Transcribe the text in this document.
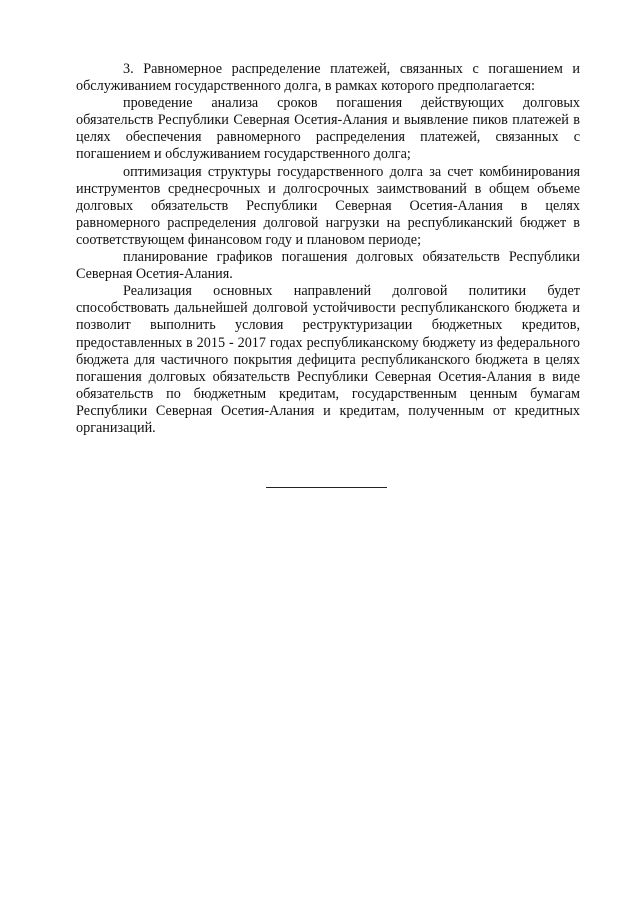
3. Равномерное распределение платежей, связанных с погашением и обслуживанием государственного долга, в рамках которого предполагается:

проведение анализа сроков погашения действующих долговых обязательств Республики Северная Осетия-Алания и выявление пиков платежей в целях обеспечения равномерного распределения платежей, связанных с погашением и обслуживанием государственного долга;

оптимизация структуры государственного долга за счет комбинирования инструментов среднесрочных и долгосрочных заимствований в общем объеме долговых обязательств Республики Северная Осетия-Алания в целях равномерного распределения долговой нагрузки на республиканский бюджет в соответствующем финансовом году и плановом периоде;

планирование графиков погашения долговых обязательств Республики Северная Осетия-Алания.

Реализация основных направлений долговой политики будет способствовать дальнейшей долговой устойчивости республиканского бюджета и позволит выполнить условия реструктуризации бюджетных кредитов, предоставленных в 2015 - 2017 годах республиканскому бюджету из федерального бюджета для частичного покрытия дефицита республиканского бюджета в целях погашения долговых обязательств Республики Северная Осетия-Алания в виде обязательств по бюджетным кредитам, государственным ценным бумагам Республики Северная Осетия-Алания и кредитам, полученным от кредитных организаций.
